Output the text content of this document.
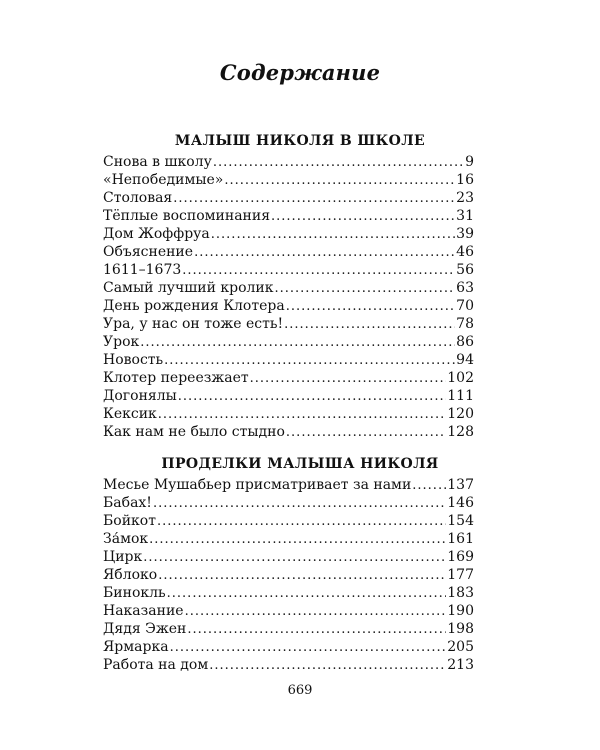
Содержание
МАЛЫШ НИКОЛЯ В ШКОЛЕ
Снова в школу .....	9
«Непобедимые» .....	16
Столовая .....	23
Тёплые воспоминания .....	31
Дом Жоффруа .....	39
Объяснение .....	46
1611–1673 .....	56
Самый лучший кролик .....	63
День рождения Клотера .....	70
Ура, у нас он тоже есть! .....	78
Урок .....	86
Новость .....	94
Клотер переезжает .....	102
Догонялы .....	111
Кексик .....	120
Как нам не было стыдно .....	128
ПРОДЕЛКИ МАЛЫША НИКОЛЯ
Месье Мушабьер присматривает за нами .....	137
Бабах! .....	146
Бойкот .....	154
За́мок .....	161
Цирк .....	169
Яблоко .....	177
Бинокль .....	183
Наказание .....	190
Дядя Эжен .....	198
Ярмарка .....	205
Работа на дом .....	213
669
